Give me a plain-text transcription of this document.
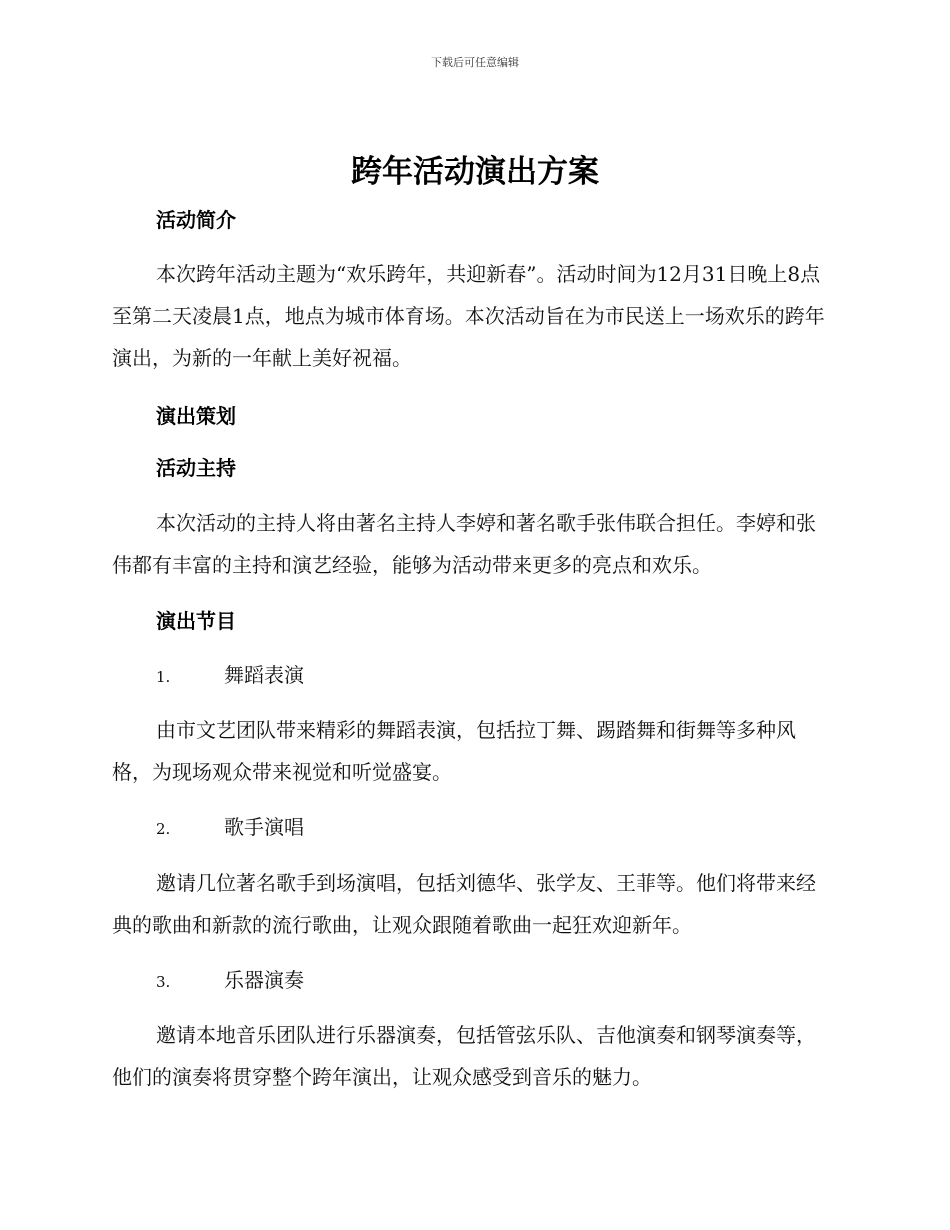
下载后可任意编辑
跨年活动演出方案
活动简介
本次跨年活动主题为“欢乐跨年，共迎新春”。活动时间为12月31日晚上8点至第二天凌晨1点，地点为城市体育场。本次活动旨在为市民送上一场欢乐的跨年演出，为新的一年献上美好祝福。
演出策划
活动主持
本次活动的主持人将由著名主持人李婷和著名歌手张伟联合担任。李婷和张伟都有丰富的主持和演艺经验，能够为活动带来更多的亮点和欢乐。
演出节目
1.	舞蹈表演
由市文艺团队带来精彩的舞蹈表演，包括拉丁舞、踢踏舞和街舞等多种风格，为现场观众带来视觉和听觉盛宴。
2.	歌手演唱
邀请几位著名歌手到场演唱，包括刘德华、张学友、王菲等。他们将带来经典的歌曲和新款的流行歌曲，让观众跟随着歌曲一起狂欢迎新年。
3.	乐器演奏
邀请本地音乐团队进行乐器演奏，包括管弦乐队、吉他演奏和钢琴演奏等，他们的演奏将贯穿整个跨年演出，让观众感受到音乐的魅力。
